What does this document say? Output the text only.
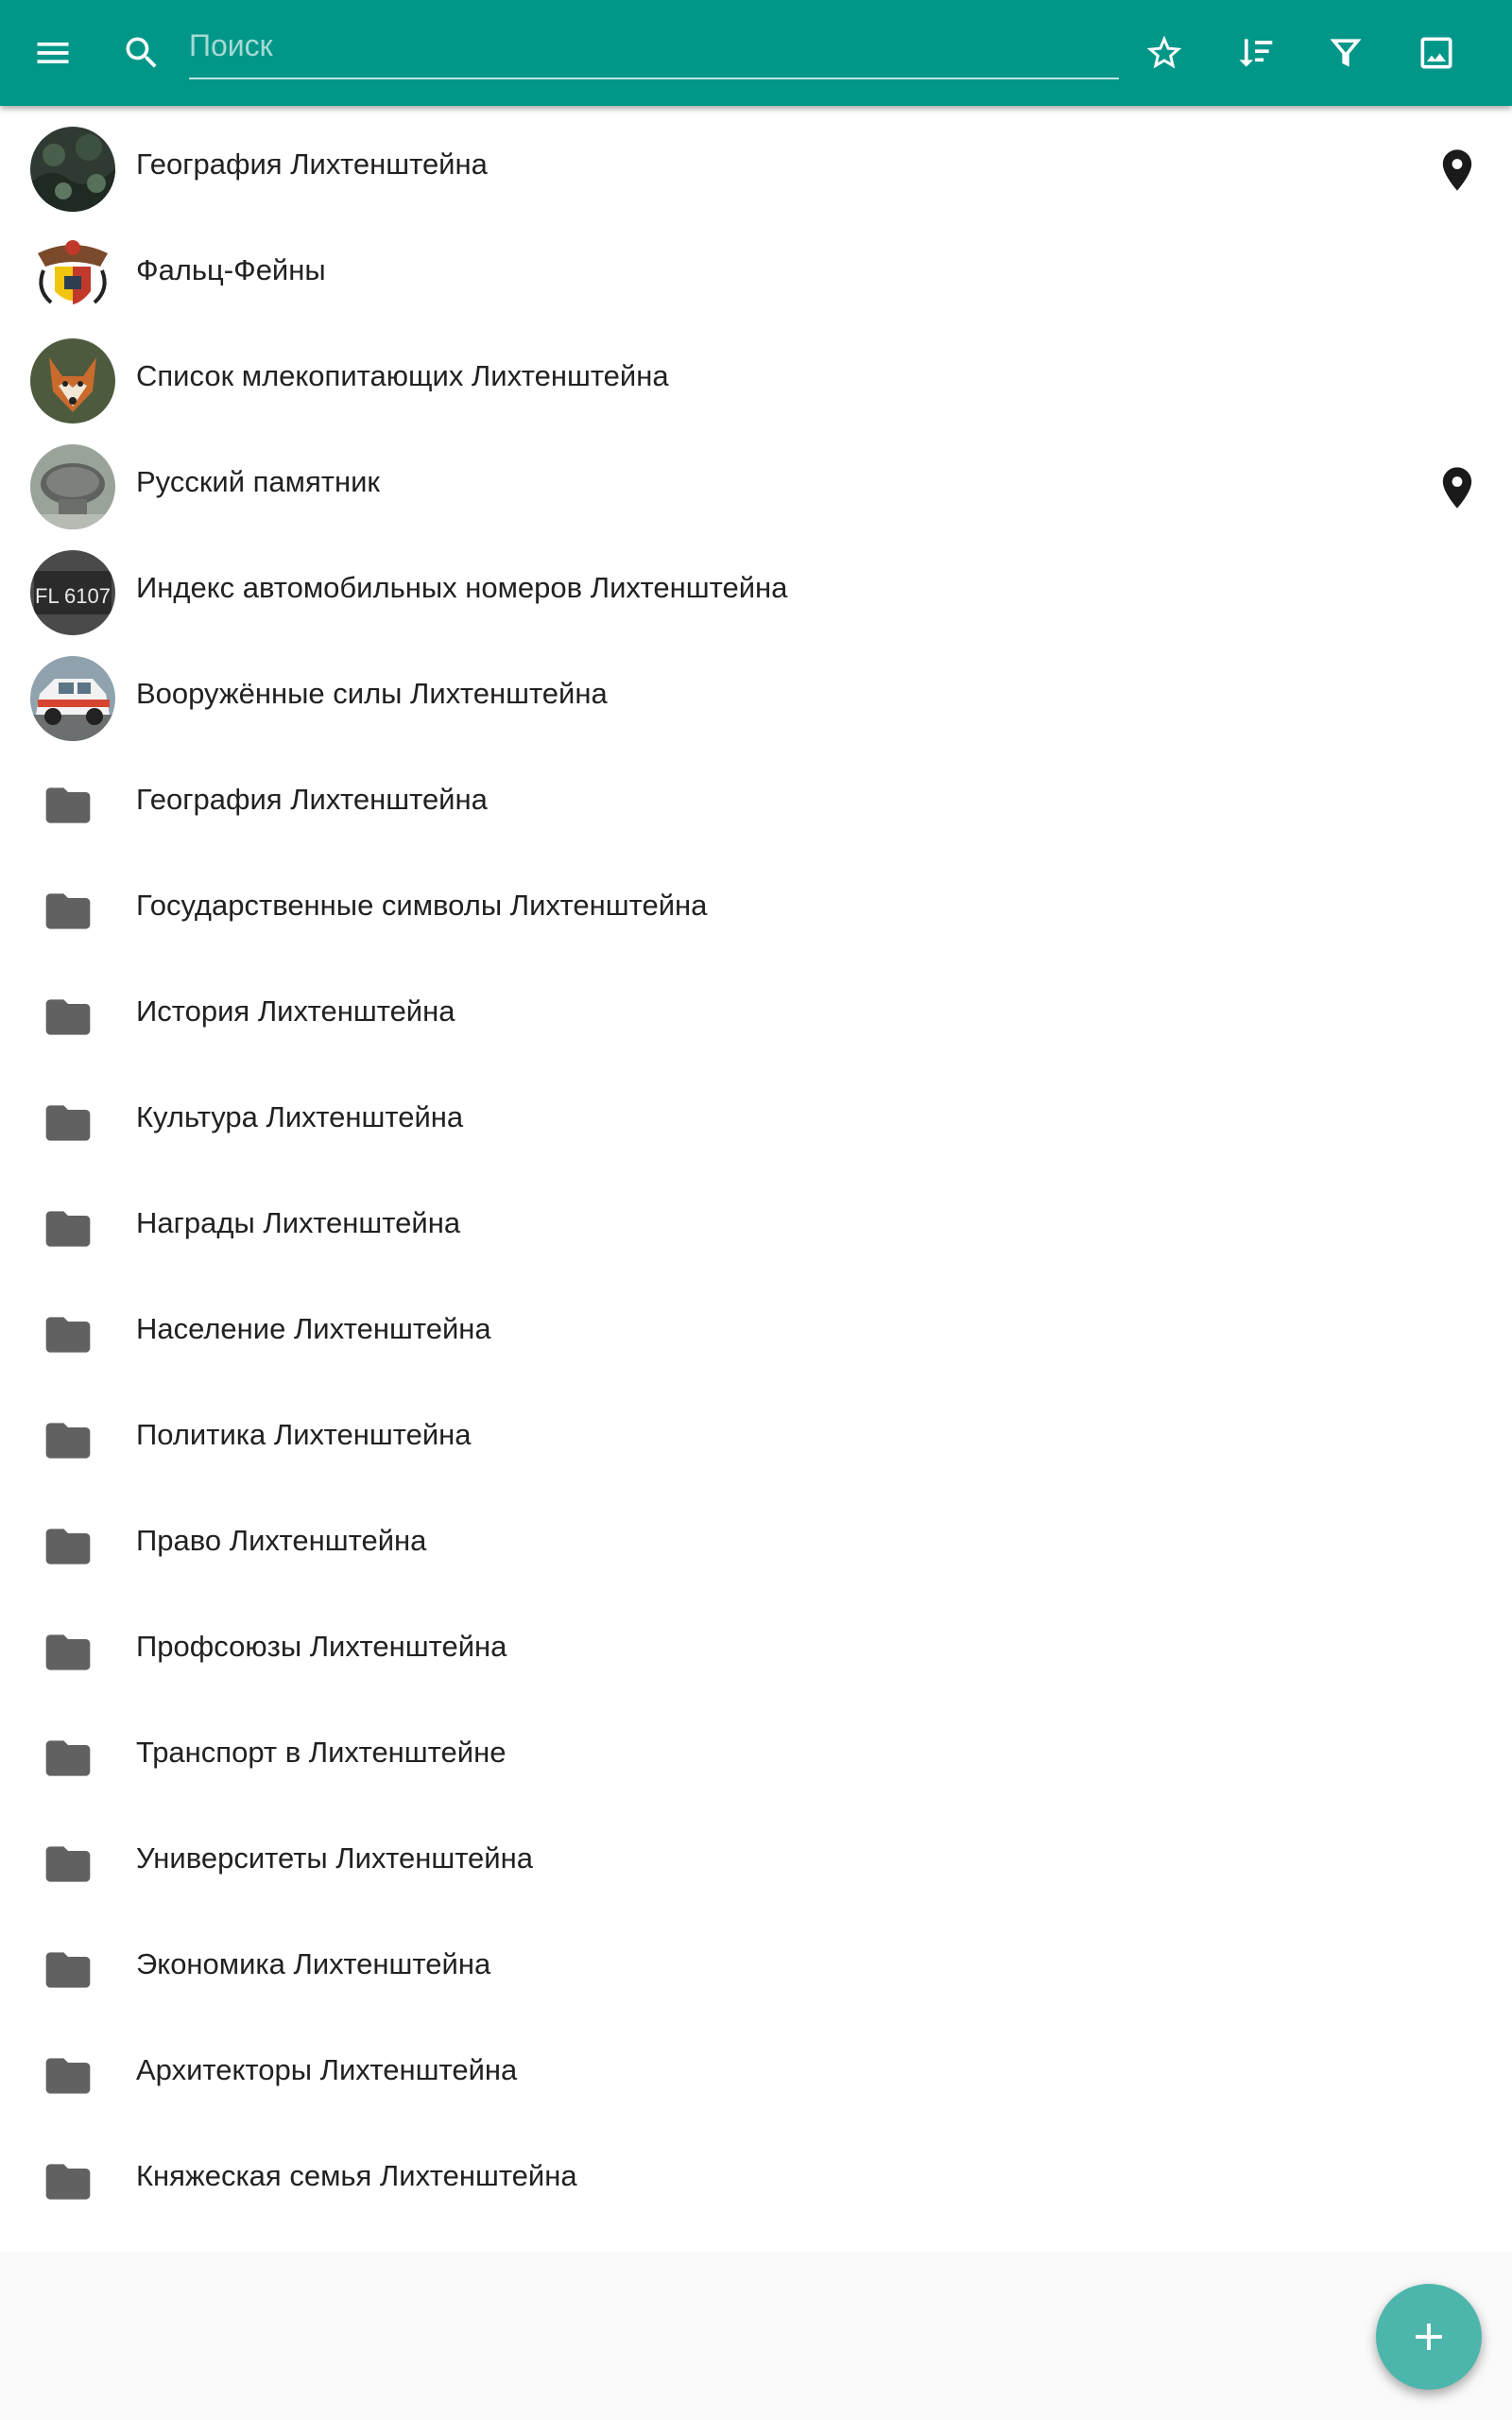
Поиск
География Лихтенштейна
Фальц-Фейны
Список млекопитающих Лихтенштейна
Русский памятник
FL 6107 Индекс автомобильных номеров Лихтенштейна
Вооружённые силы Лихтенштейна
География Лихтенштейна
Государственные символы Лихтенштейна
История Лихтенштейна
Культура Лихтенштейна
Награды Лихтенштейна
Население Лихтенштейна
Политика Лихтенштейна
Право Лихтенштейна
Профсоюзы Лихтенштейна
Транспорт в Лихтенштейне
Университеты Лихтенштейна
Экономика Лихтенштейна
Архитекторы Лихтенштейна
Княжеская семья Лихтенштейна
